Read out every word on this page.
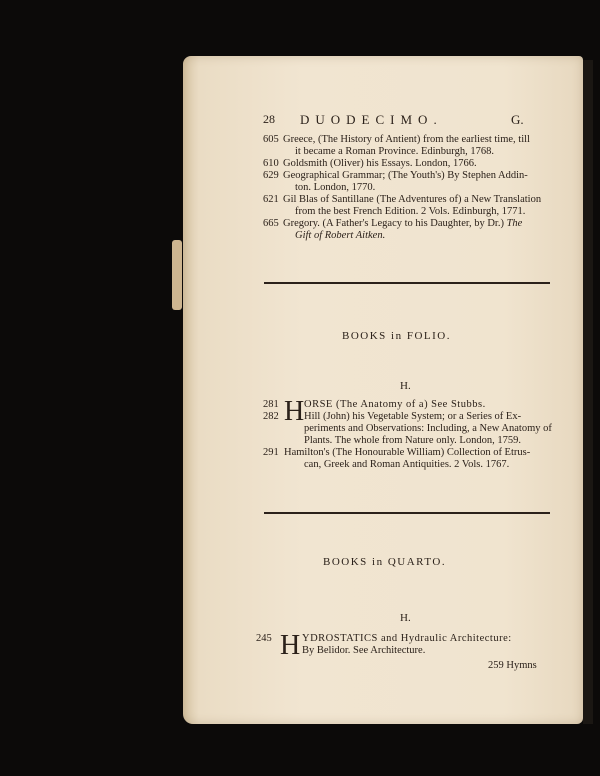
28 DUODECIMO.	G.

605 Greece, (The History of Antient) from the earliest time, till
it became a Roman Province. Edinburgh, 1768.

610 Goldsmith (Oliver) his Essays. London, 1766.

629 Geographical Grammar; (The Youth's) By Stephen Addin-
ton. London, 1770.

621 Gil Blas of Santillane (The Adventures of) a New Translation
from the best French Edition. 2 Vols. Edinburgh, 1771.

665 Gregory. (A Father's Legacy to his Daughter, by Dr.) The
Gift of Robert Aitken.

BOOKS in FOLIO.
H.
281 H ORSE (The Anatomy of a) See Stubbs.
282 Hill (John) his Vegetable System; or a Series of Ex-
periments and Observations: Including, a New Anatomy of
Plants. The whole from Nature only. London, 1759.
291 Hamilton's (The Honourable William) Collection of Etrus-
can, Greek and Roman Antiquities. 2 Vols. 1767.
BOOKS in QUARTO.
H.
245 H YDROSTATICS and Hydraulic Architecture:
By Belidor. See Architecture.
259 Hymns
